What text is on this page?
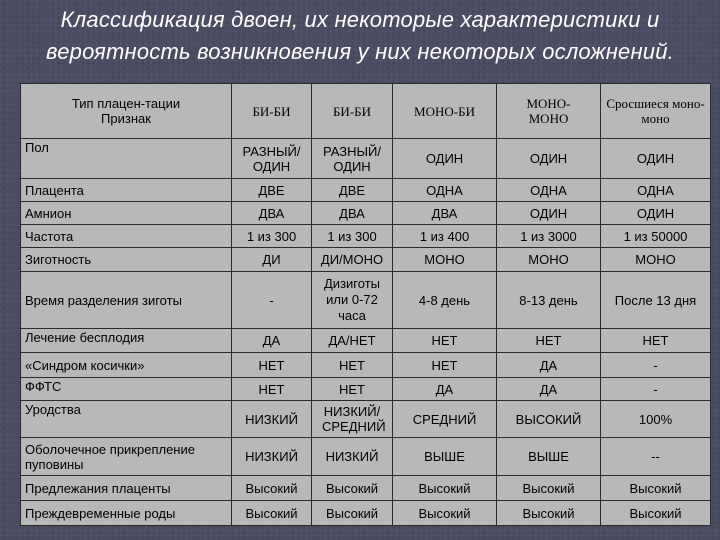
Классификация двоен, их некоторые характеристики и
вероятность возникновения у них некоторых осложнений.
Тип плацен-тации
Признак	БИ-БИ	БИ-БИ	МОНО-БИ	МОНО-МОНО	Сросшиеся моно-моно
Пол	РАЗНЫЙ/ ОДИН	РАЗНЫЙ/ ОДИН	ОДИН	ОДИН	ОДИН
Плацента	ДВЕ	ДВЕ	ОДНА	ОДНА	ОДНА
Амнион	ДВА	ДВА	ДВА	ОДИН	ОДИН
Частота	1 из 300	1 из 300	1 из 400	1 из 3000	1 из 50000
Зиготность	ДИ	ДИ/МОНО	МОНО	МОНО	МОНО
Время разделения зиготы	-	Дизиготы или 0-72 часа	4-8 день	8-13 день	После 13 дня
Лечение бесплодия	ДА	ДА/НЕТ	НЕТ	НЕТ	НЕТ
«Синдром косички»	НЕТ	НЕТ	НЕТ	ДА	-
ФФТС	НЕТ	НЕТ	ДА	ДА	-
Уродства	НИЗКИЙ	НИЗКИЙ/ СРЕДНИЙ	СРЕДНИЙ	ВЫСОКИЙ	100%
Оболочечное прикрепление пуповины	НИЗКИЙ	НИЗКИЙ	ВЫШЕ	ВЫШЕ	--
Предлежания плаценты	Высокий	Высокий	Высокий	Высокий	Высокий
Преждевременные роды	Высокий	Высокий	Высокий	Высокий	Высокий
